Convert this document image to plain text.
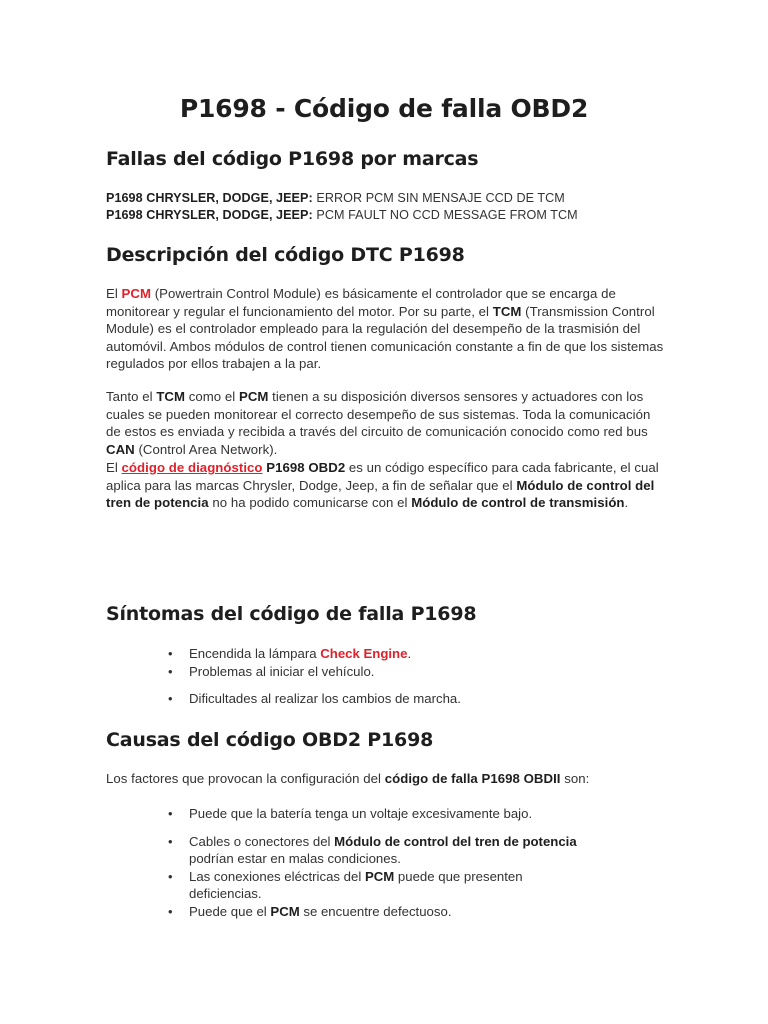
P1698 - Código de falla OBD2
Fallas del código P1698 por marcas
P1698 CHRYSLER, DODGE, JEEP: ERROR PCM SIN MENSAJE CCD DE TCM
P1698 CHRYSLER, DODGE, JEEP: PCM FAULT NO CCD MESSAGE FROM TCM
Descripción del código DTC P1698
El PCM (Powertrain Control Module) es básicamente el controlador que se encarga de monitorear y regular el funcionamiento del motor. Por su parte, el TCM (Transmission Control Module) es el controlador empleado para la regulación del desempeño de la trasmisión del automóvil. Ambos módulos de control tienen comunicación constante a fin de que los sistemas regulados por ellos trabajen a la par.
Tanto el TCM como el PCM tienen a su disposición diversos sensores y actuadores con los cuales se pueden monitorear el correcto desempeño de sus sistemas. Toda la comunicación de estos es enviada y recibida a través del circuito de comunicación conocido como red bus CAN (Control Area Network).
El código de diagnóstico P1698 OBD2 es un código específico para cada fabricante, el cual aplica para las marcas Chrysler, Dodge, Jeep, a fin de señalar que el Módulo de control del tren de potencia no ha podido comunicarse con el Módulo de control de transmisión.
Síntomas del código de falla P1698
• Encendida la lámpara Check Engine.
• Problemas al iniciar el vehículo.
• Dificultades al realizar los cambios de marcha.
Causas del código OBD2 P1698
Los factores que provocan la configuración del código de falla P1698 OBDII son:
• Puede que la batería tenga un voltaje excesivamente bajo.
• Cables o conectores del Módulo de control del tren de potencia podrían estar en malas condiciones.
• Las conexiones eléctricas del PCM puede que presenten deficiencias.
• Puede que el PCM se encuentre defectuoso.
